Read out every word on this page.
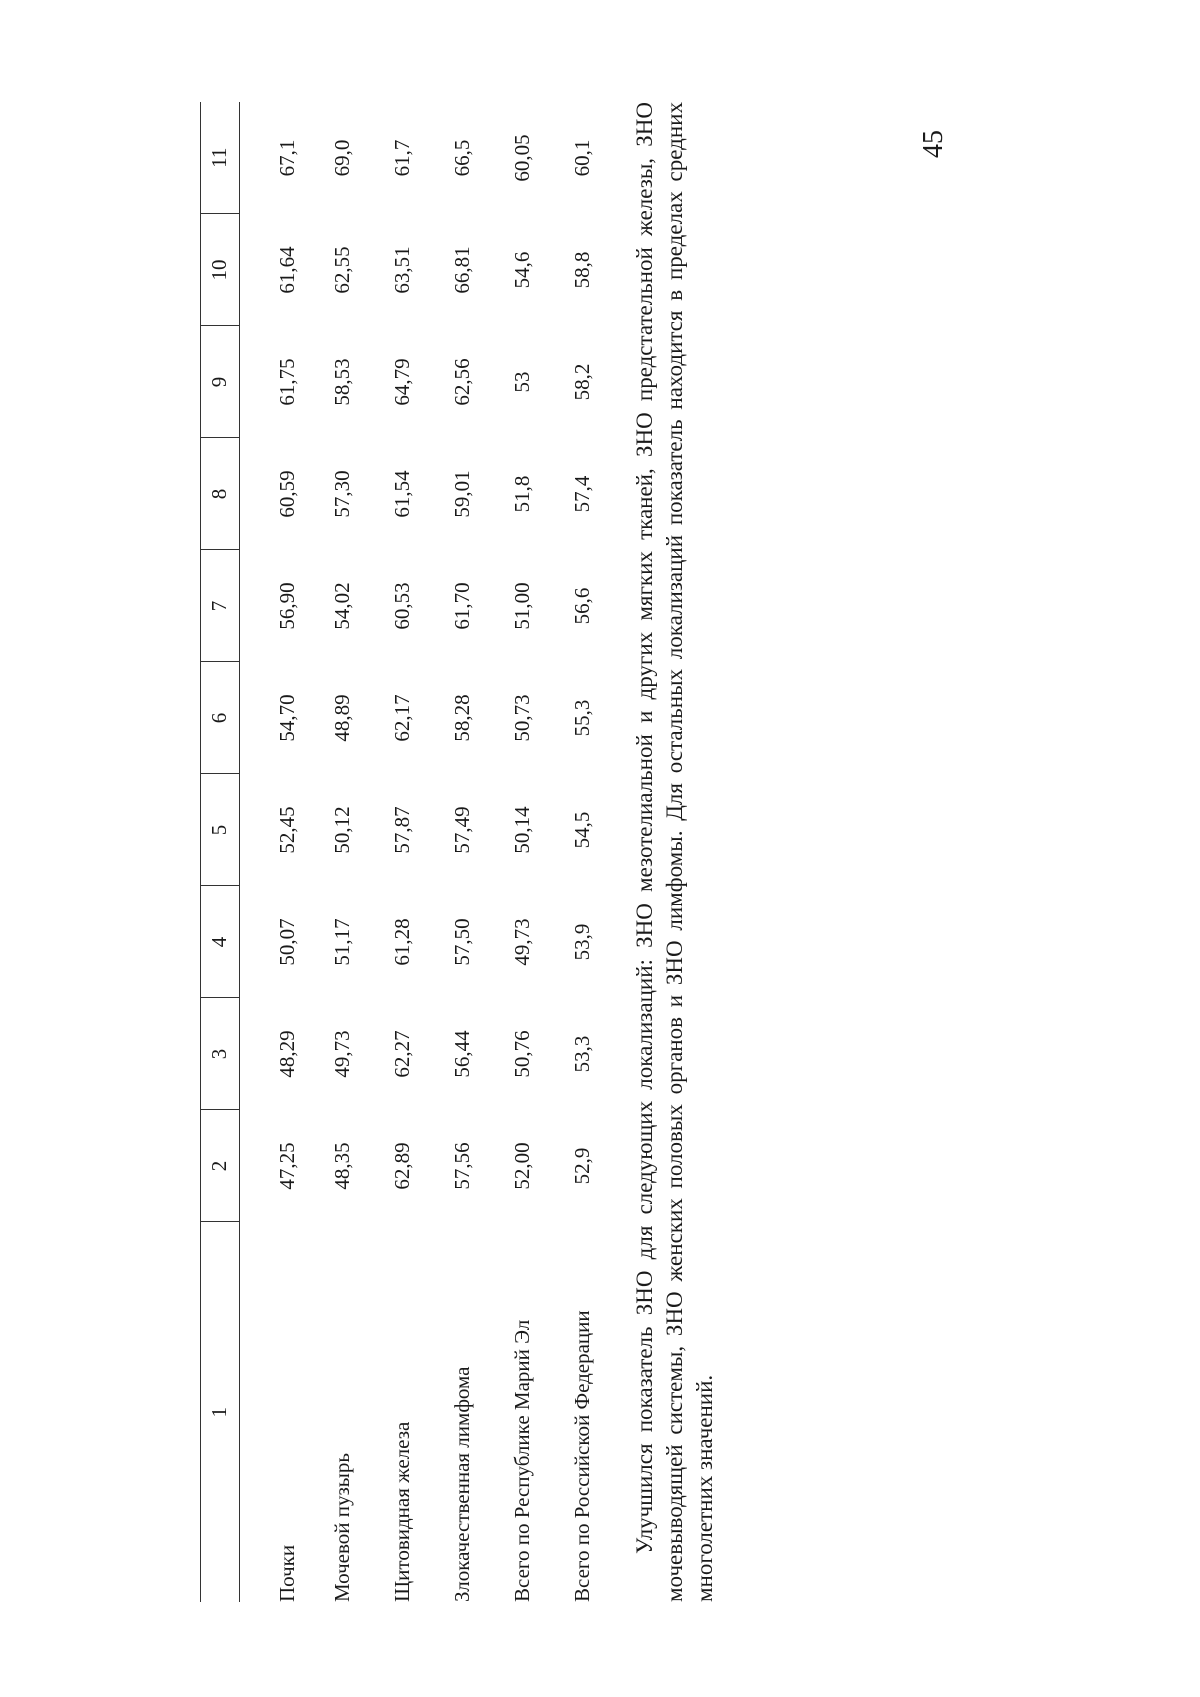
45
1	2	3	4	5	6	7	8	9	10	11
Почки	47,25	48,29	50,07	52,45	54,70	56,90	60,59	61,75	61,64	67,1
Мочевой пузырь	48,35	49,73	51,17	50,12	48,89	54,02	57,30	58,53	62,55	69,0
Щитовидная железа	62,89	62,27	61,28	57,87	62,17	60,53	61,54	64,79	63,51	61,7
Злокачественная лимфома	57,56	56,44	57,50	57,49	58,28	61,70	59,01	62,56	66,81	66,5
Всего по Республике Марий Эл	52,00	50,76	49,73	50,14	50,73	51,00	51,8	53	54,6	60,05
Всего по Российской Федерации	52,9	53,3	53,9	54,5	55,3	56,6	57,4	58,2	58,8	60,1 Улучшился показатель ЗНО для следующих локализаций: ЗНО мезотелиальной и других мягких тканей, ЗНО предстательной железы, ЗНО мочевыводящей системы, ЗНО женских половых органов и ЗНО лимфомы. Для остальных локализаций показатель находится в пределах средних многолетних значений.
